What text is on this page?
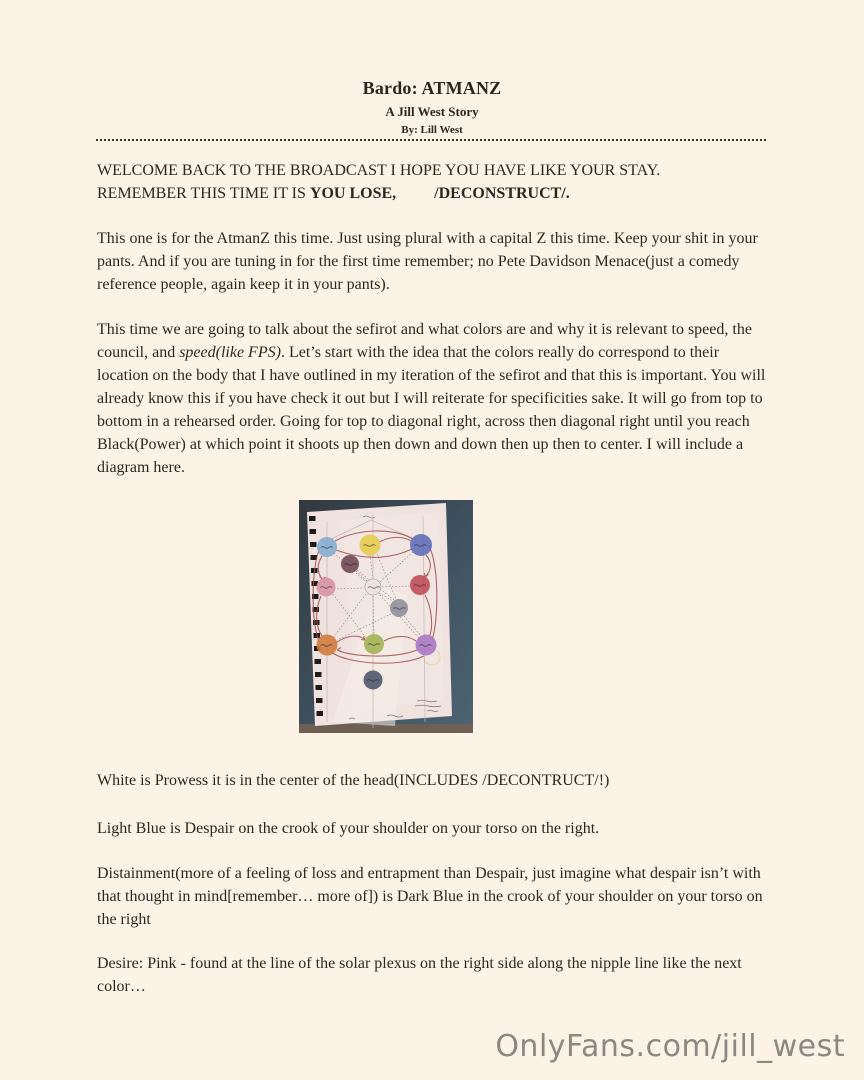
Bardo: ATMANZ
A Jill West Story
By: Lill West
WELCOME BACK TO THE BROADCAST I HOPE YOU HAVE LIKE YOUR STAY.
REMEMBER THIS TIME IT IS YOU LOSE, /DECONSTRUCT/.
This one is for the AtmanZ this time. Just using plural with a capital Z this time. Keep your shit in your pants. And if you are tuning in for the first time remember; no Pete Davidson Menace(just a comedy reference people, again keep it in your pants).
This time we are going to talk about the sefirot and what colors are and why it is relevant to speed, the council, and speed(like FPS). Let’s start with the idea that the colors really do correspond to their location on the body that I have outlined in my iteration of the sefirot and that this is important. You will already know this if you have check it out but I will reiterate for specificities sake. It will go from top to bottom in a rehearsed order. Going for top to diagonal right, across then diagonal right until you reach Black(Power) at which point it shoots up then down and down then up then to center. I will include a diagram here.
White is Prowess it is in the center of the head(INCLUDES /DECONTRUCT/!)
Light Blue is Despair on the crook of your shoulder on your torso on the right.
Distainment(more of a feeling of loss and entrapment than Despair, just imagine what despair isn’t with that thought in mind[remember… more of]) is Dark Blue in the crook of your shoulder on your torso on the right
Desire: Pink - found at the line of the solar plexus on the right side along the nipple line like the next color…
OnlyFans.com/jill_west
